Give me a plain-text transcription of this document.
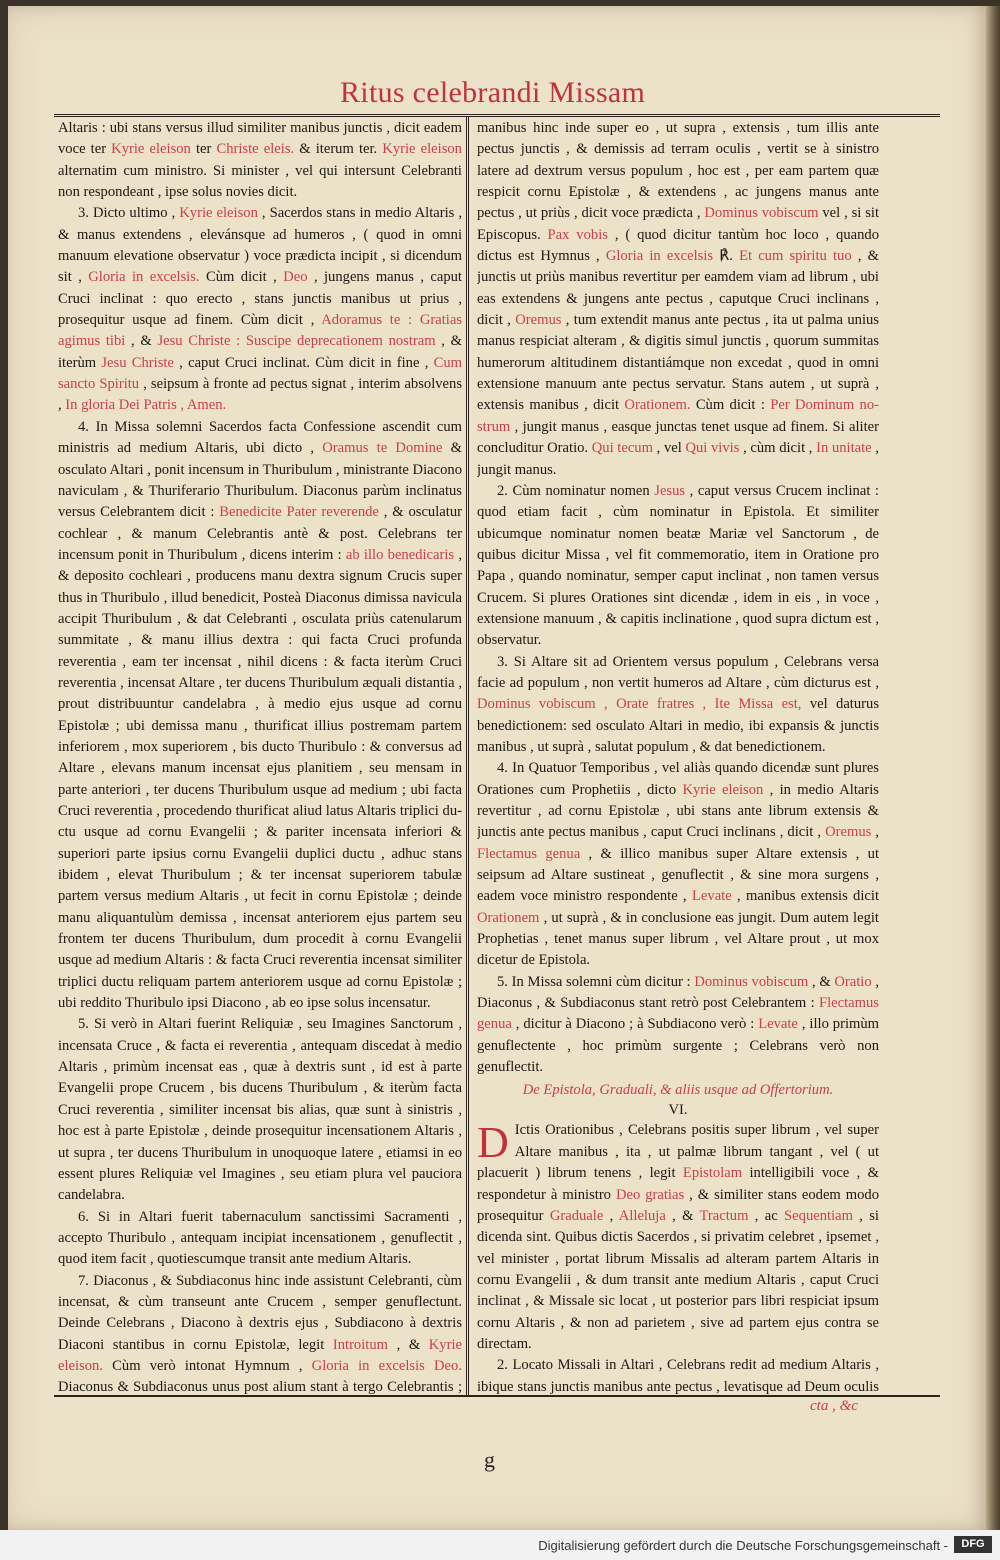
Ritus celebrandi Missam

Altaris : ubi stans versus illud similiter manibus junctis , dicit eadem voce ter Kyrie eleison ter Christe eleis. & iterum ter. Kyrie eleison alternatim cum ministro. Si minister , vel qui intersunt Celebranti non respondeant , ipse solus novies dicit.

3. Dicto ultimo , Kyrie eleison , Sacerdos stans in medio Altaris , & manus extendens , elevánsque ad humeros , ( quod in omni manuum elevatione observatur ) voce prædicta incipit , si dicendum sit , Gloria in excelsis. Cùm dicit , Deo , jungens manus , caput Cruci inclinat : quo erecto , stans junctis manibus ut prius , prosequitur usque ad finem. Cùm dicit , Adoramus te : Gratias agimus tibi , & Jesu Christe : Suscipe deprecationem nostram , & iterùm Jesu Christe , caput Cruci inclinat. Cùm dicit in fine , Cum sancto Spiritu , seipsum à fronte ad pectus signat , interim absolvens , In gloria Dei Patris , Amen.

4. In Missa solemni Sacerdos facta Confessione ascendit cum ministris ad medium Altaris, ubi dicto , Oramus te Domine & osculato Altari , ponit incensum in Thuribulum , ministrante Diacono naviculam , & Thuriferario Thuribulum. Diaconus parùm inclinatus versus Celebrantem dicit : Benedicite Pater reverende , & osculatur cochlear , & manum Celebrantis antè & post. Celebrans ter incensum ponit in Thuribulum , dicens interim : ab illo benedicaris , & deposito cochleari , producens manu dextra signum Crucis super thus in Thuribulo , illud benedicit, Posteà Diaconus dimissa navicula accipit Thuribulum , & dat Celebranti , osculata priùs catenularum summitate , & manu illius dextra : qui facta Cruci profunda reverentia , eam ter incensat , nihil dicens : & facta iterùm Cruci reverentia , incensat Altare , ter ducens Thuribulum æquali distantia , prout distribuuntur candelabra , à medio ejus usque ad cornu Epistolæ ; ubi demissa manu , thurificat illius postremam partem inferiorem , mox superiorem , bis ducto Thuribulo : & conversus ad Altare , elevans manum incensat ejus planitiem , seu mensam in parte anteriori , ter ducens Thuribulum usque ad medium ; ubi facta Cruci reverentia , procedendo thurificat aliud latus Altaris triplici ductu usque ad cornu Evangelii ; & pariter incensata inferiori & superiori parte ipsius cornu Evangelii duplici ductu , adhuc stans ibidem , elevat Thuribulum ; & ter incensat superiorem tabulæ partem versus medium Altaris , ut fecit in cornu Epistolæ ; deinde manu aliquantulùm demissa , incensat anteriorem ejus partem seu frontem ter ducens Thuribulum, dum procedit à cornu Evangelii usque ad medium Altaris : & facta Cruci reverentia incensat similiter triplici ductu reliquam partem anteriorem usque ad cornu Epistolæ ; ubi reddito Thuribulo ipsi Diacono , ab eo ipse solus incensatur.

5. Si verò in Altari fuerint Reliquiæ , seu Imagines Sanctorum , incensata Cruce , & facta ei reverentia , antequam discedat à medio Altaris , primùm incensat eas , quæ à dextris sunt , id est à parte Evangelii prope Crucem , bis ducens Thuribulum , & iterùm facta Cruci reverentia , similiter incensat bis alias, quæ sunt à sinistris , hoc est à parte Epistolæ , deinde prosequitur incensationem Altaris , ut supra , ter ducens Thuribulum in unoquoque latere , etiamsi in eo essent plures Reliquiæ vel Imagines , seu etiam plura vel pauciora candelabra.

6. Si in Altari fuerit tabernaculum sanctissimi Sacramenti , accepto Thuribulo , antequam incipiat incensationem , genuflectit , quod item facit , quotiescumque transit ante medium Altaris.

7. Diaconus , & Subdiaconus hinc inde assistunt Celebranti, cùm incensat, & cùm transeunt ante Crucem , semper genuflectunt. Deinde Celebrans , Diacono à dextris ejus , Subdiacono à dextris Diaconi stantibus in cornu Epistolæ, legit Introitum , & Kyrie eleison. Cùm verò intonat Hymnum , Gloria in excelsis Deo. Diaconus & Subdiaconus unus post alium stant à tergo Celebrantis ;

manibus hinc inde super eo , ut supra , extensis , tum illis ante pectus junctis , & demissis ad terram oculis , vertit se à sinistro latere ad dextrum versus populum , hoc est , per eam partem quæ respicit cornu Epistolæ , & extendens , ac jungens manus ante pectus , ut priùs , dicit voce prædicta , Dominus vobiscum vel , si sit Episcopus. Pax vobis , ( quod dicitur tantùm hoc loco , quando dictus est Hymnus , Gloria in excelsis ℟. Et cum spiritu tuo , & junctis ut priùs manibus revertitur per eamdem viam ad librum , ubi eas extendens & jungens ante pectus , caputque Cruci inclinans , dicit , Oremus , tum extendit manus ante pectus , ita ut palma unius manus respiciat alteram , & digitis simul junctis , quorum summitas humerorum altitudinem distantiámque non excedat , quod in omni extensione manuum ante pectus servatur. Stans autem , ut suprà , extensis manibus , dicit Orationem. Cùm dicit : Per Dominum nostrum , jungit manus , easque junctas tenet usque ad finem. Si aliter concluditur Oratio. Qui tecum , vel Qui vivis , cùm dicit , In unitate , jungit manus.

2. Cùm nominatur nomen Jesus , caput versus Crucem inclinat : quod etiam facit , cùm nominatur in Epistola. Et similiter ubicumque nominatur nomen beatæ Mariæ vel Sanctorum , de quibus dicitur Missa , vel fit commemoratio, item in Oratione pro Papa , quando nominatur, semper caput inclinat , non tamen versus Crucem. Si plures Orationes sint dicendæ , idem in eis , in voce , extensione manuum , & capitis inclinatione , quod supra dictum est , observatur.

3. Si Altare sit ad Orientem versus populum , Celebrans versa facie ad populum , non vertit humeros ad Altare , cùm dicturus est , Dominus vobiscum , Orate fratres , Ite Missa est, vel daturus benedictionem: sed osculato Altari in medio, ibi expansis & junctis manibus , ut suprà , salutat populum , & dat benedictionem.

4. In Quatuor Temporibus , vel aliàs quando dicendæ sunt plures Orationes cum Prophetiis , dicto Kyrie eleison , in medio Altaris revertitur , ad cornu Epistolæ , ubi stans ante librum extensis & junctis ante pectus manibus , caput Cruci inclinans , dicit , Oremus , Flectamus genua , & illico manibus super Altare extensis , ut seipsum ad Altare sustineat , genuflectit , & sine mora surgens , eadem voce ministro respondente , Levate , manibus extensis dicit Orationem , ut suprà , & in conclusione eas jungit. Dum autem legit Prophetias , tenet manus super librum , vel Altare prout , ut mox dicetur de Epistola.

5. In Missa solemni cùm dicitur : Dominus vobiscum , & Oratio , Diaconus , & Subdiaconus stant retrò post Celebrantem : Flectamus genua , dicitur à Diacono ; à Subdiacono verò : Levate , illo primùm genuflectente , hoc primùm surgente ; Celebrans verò non genuflectit.

De Epistola, Graduali, & aliis usque ad Offertorium.
VI.

D Ictis Orationibus , Celebrans positis super librum , vel super Altare manibus , ita , ut palmæ librum tangant , vel ( ut placuerit ) librum tenens , legit Epistolam intelligibili voce , & respondetur à ministro Deo gratias , & similiter stans eodem modo prosequitur Graduale , Alleluja , & Tractum , ac Sequentiam , si dicenda sint. Quibus dictis Sacerdos , si privatim celebret , ipsemet , vel minister , portat librum Missalis ad alteram partem Altaris in cornu Evangelii , & dum transit ante medium Altaris , caput Cruci inclinat , & Missale sic locat , ut posterior pars libri respiciat ipsum cornu Altaris , & non ad parietem , sive ad partem ejus contra se directam.

2. Locato Missali in Altari , Celebrans redit ad medium Altaris , ibique stans junctis manibus ante pectus , levatisque ad Deum oculis

cta , &c
g
Digitalisierung gefördert durch die Deutsche Forschungsgemeinschaft -	DFG
